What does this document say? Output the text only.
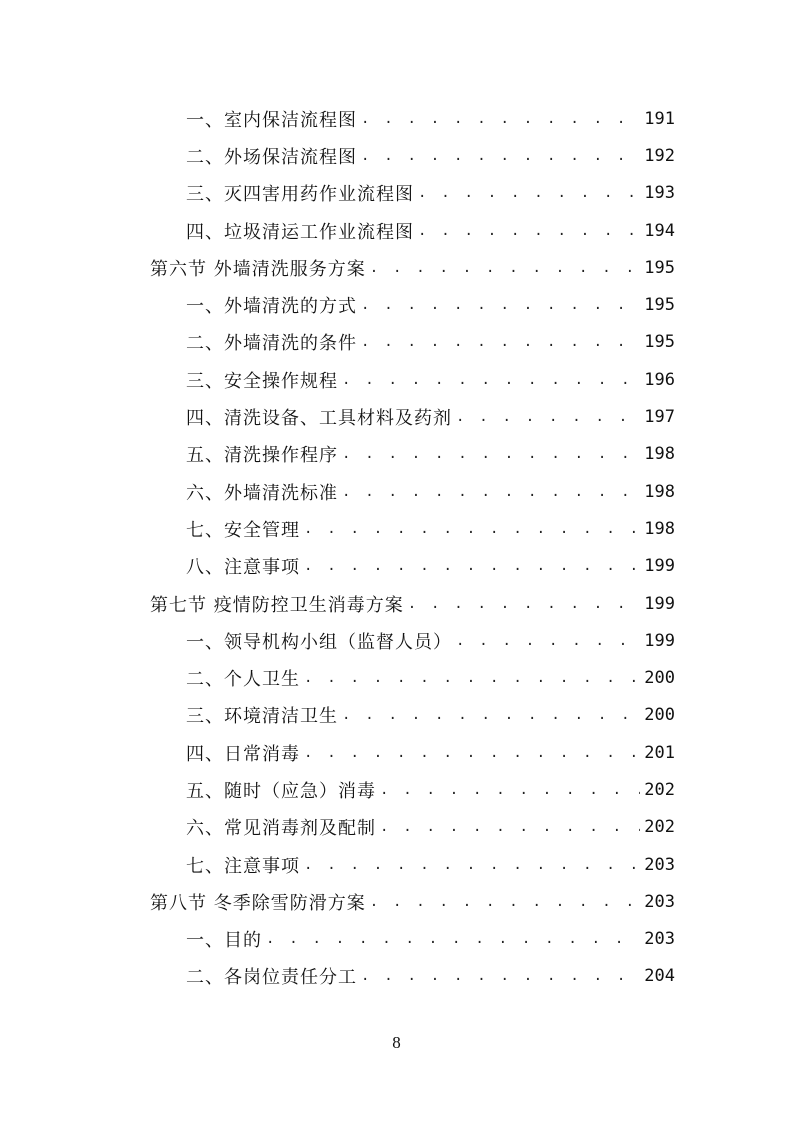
一、室内保洁流程图 . . .	191
二、外场保洁流程图 . . .	192
三、灭四害用药作业流程图 . . .	193
四、垃圾清运工作业流程图 . . .	194
第六节 外墙清洗服务方案 . . .	195
一、外墙清洗的方式 . . .	195
二、外墙清洗的条件 . . .	195
三、安全操作规程 . . .	196
四、清洗设备、工具材料及药剂 . . .	197
五、清洗操作程序 . . .	198
六、外墙清洗标准 . . .	198
七、安全管理 . . .	198
八、注意事项 . . .	199
第七节 疫情防控卫生消毒方案 . . .	199
一、领导机构小组（监督人员） . . .	199
二、个人卫生 . . .	200
三、环境清洁卫生 . . .	200
四、日常消毒 . . .	201
五、随时（应急）消毒 . . .	202
六、常见消毒剂及配制 . . .	202
七、注意事项 . . .	203
第八节 冬季除雪防滑方案 . . .	203
一、目的 . . .	203
二、各岗位责任分工 . . .	204
8
